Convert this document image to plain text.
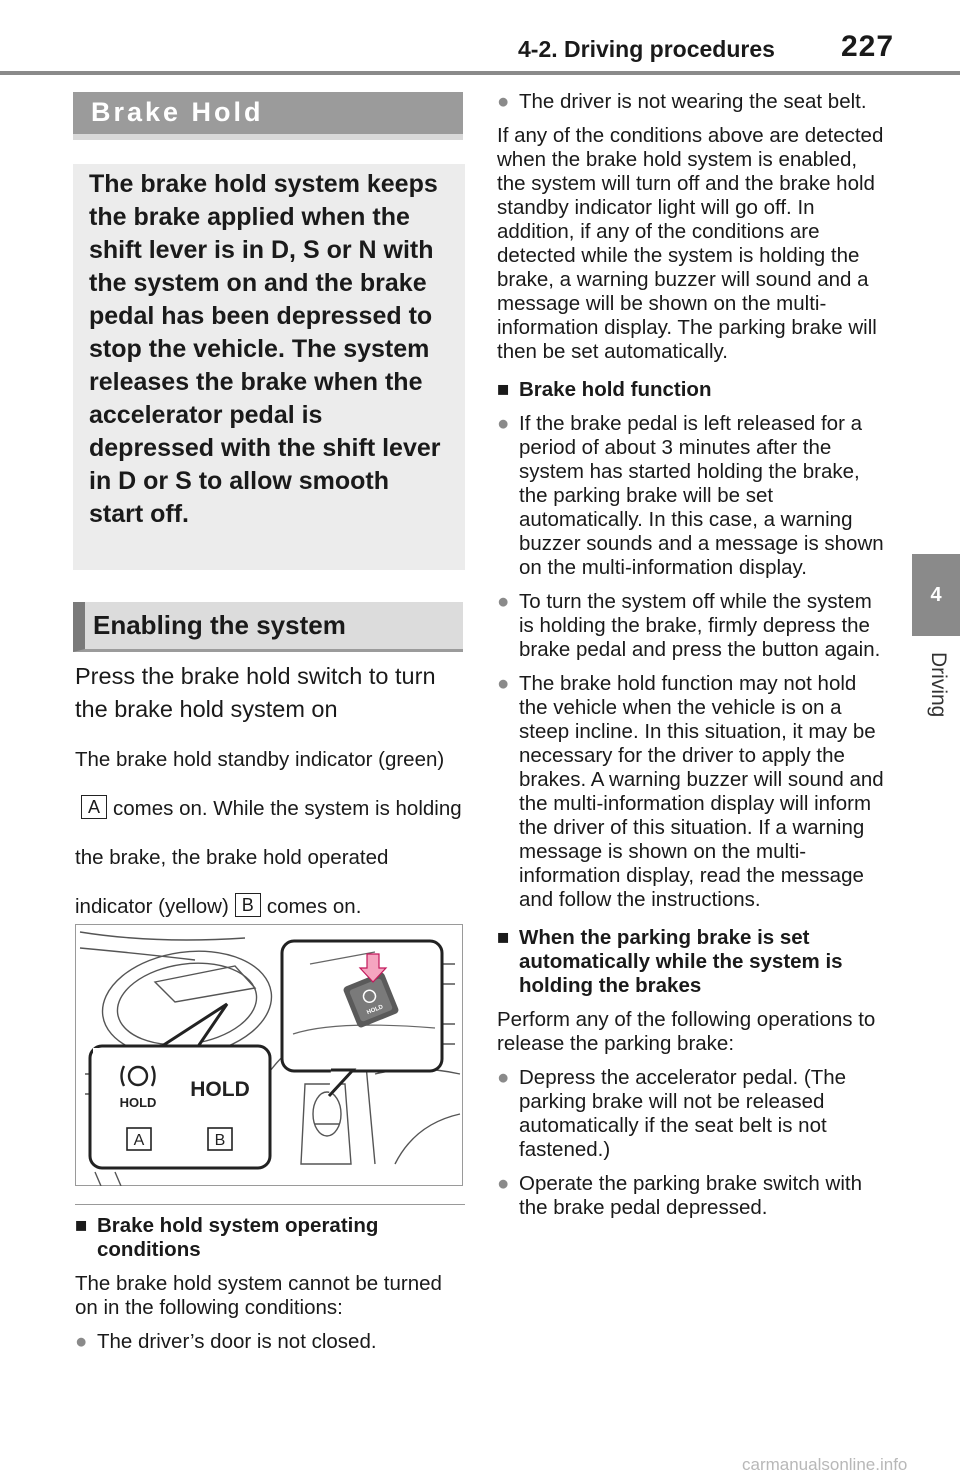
4-2. Driving procedures 227
4
Driving
Brake Hold
The brake hold system keeps the brake applied when the shift lever is in D, S or N with the system on and the brake pedal has been depressed to stop the vehicle. The system releases the brake when the accelerator pedal is depressed with the shift lever in D or S to allow smooth start off.
Enabling the system
Press the brake hold switch to turn the brake hold system on
The brake hold standby indicator (green)A comes on. While the system is holding the brake, the brake hold operated indicator (yellow) B comes on.
HOLD
HOLD
HOLD
A	B
■ Brake hold system operating conditions
The brake hold system cannot be turned on in the following conditions:
● The driver’s door is not closed.
● The driver is not wearing the seat belt.
If any of the conditions above are detected when the brake hold system is enabled, the system will turn off and the brake hold standby indicator light will go off. In addition, if any of the conditions are detected while the system is holding the brake, a warning buzzer will sound and a message will be shown on the multi-information display. The parking brake will then be set automatically.
■ Brake hold function
● If the brake pedal is left released for a period of about 3 minutes after the system has started holding the brake, the parking brake will be set automatically. In this case, a warning buzzer sounds and a message is shown on the multi-information display.
● To turn the system off while the system is holding the brake, firmly depress the brake pedal and press the button again.
● The brake hold function may not hold the vehicle when the vehicle is on a steep incline. In this situation, it may be necessary for the driver to apply the brakes. A warning buzzer will sound and the multi-information display will inform the driver of this situation. If a warning message is shown on the multi-information display, read the message and follow the instructions.
■ When the parking brake is set automatically while the system is holding the brakes
Perform any of the following operations to release the parking brake:
● Depress the accelerator pedal. (The parking brake will not be released automatically if the seat belt is not fastened.)
● Operate the parking brake switch with the brake pedal depressed.
carmanualsonline.info
